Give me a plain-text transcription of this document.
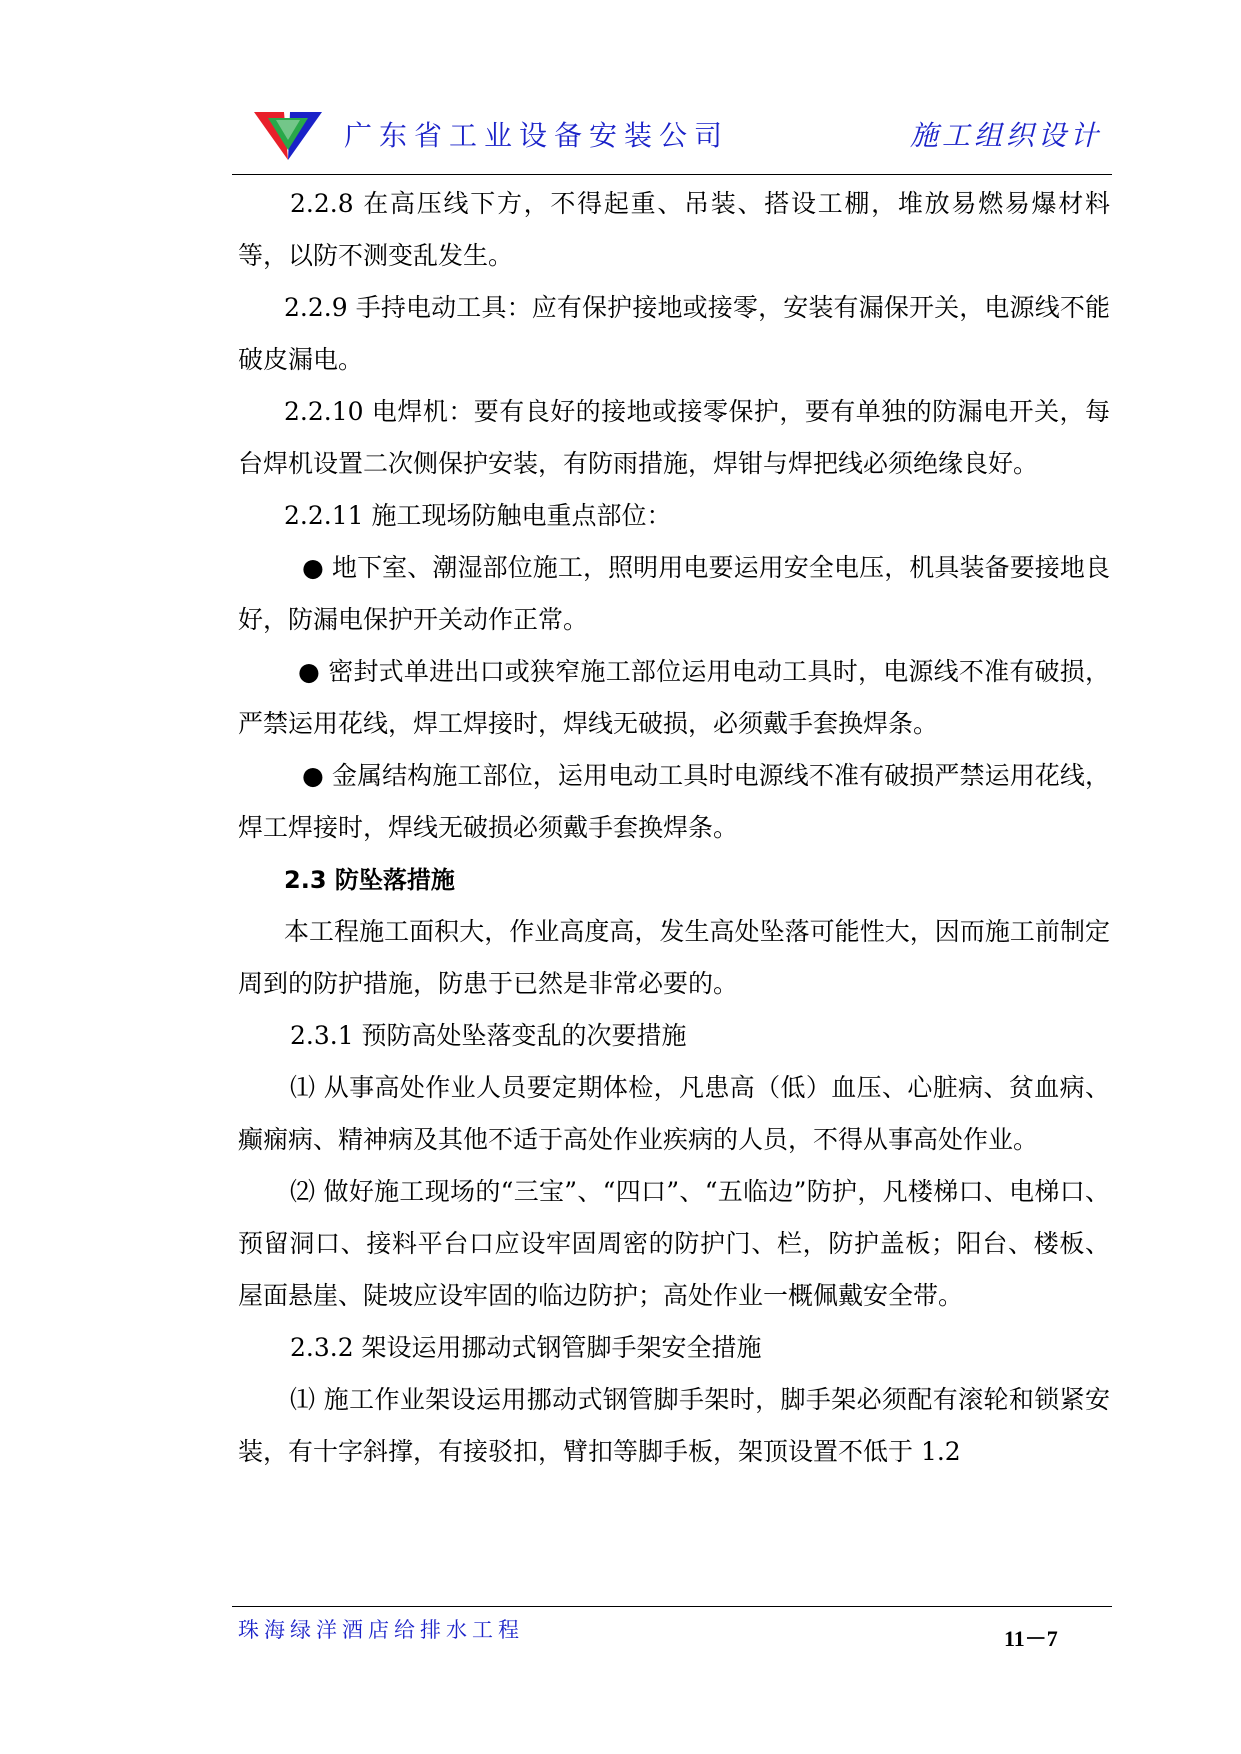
广东省工业设备安装公司	施工组织设计

2.2.8 在高压线下方，不得起重、吊装、搭设工棚，堆放易燃易爆材料等，以防不测变乱发生。

2.2.9 手持电动工具：应有保护接地或接零，安装有漏保开关，电源线不能破皮漏电。

2.2.10 电焊机：要有良好的接地或接零保护，要有单独的防漏电开关，每台焊机设置二次侧保护安装，有防雨措施，焊钳与焊把线必须绝缘良好。

2.2.11 施工现场防触电重点部位：

● 地下室、潮湿部位施工，照明用电要运用安全电压，机具装备要接地良好，防漏电保护开关动作正常。

● 密封式单进出口或狭窄施工部位运用电动工具时，电源线不准有破损，严禁运用花线，焊工焊接时，焊线无破损，必须戴手套换焊条。

● 金属结构施工部位，运用电动工具时电源线不准有破损严禁运用花线，焊工焊接时，焊线无破损必须戴手套换焊条。

2.3 防坠落措施

本工程施工面积大，作业高度高，发生高处坠落可能性大，因而施工前制定周到的防护措施，防患于已然是非常必要的。

2.3.1 预防高处坠落变乱的次要措施

⑴ 从事高处作业人员要定期体检，凡患高（低）血压、心脏病、贫血病、癫痫病、精神病及其他不适于高处作业疾病的人员，不得从事高处作业。

⑵ 做好施工现场的“三宝”、“四口”、“五临边”防护，凡楼梯口、电梯口、预留洞口、接料平台口应设牢固周密的防护门、栏，防护盖板；阳台、楼板、屋面悬崖、陡坡应设牢固的临边防护；高处作业一概佩戴安全带。

2.3.2 架设运用挪动式钢管脚手架安全措施

⑴ 施工作业架设运用挪动式钢管脚手架时，脚手架必须配有滚轮和锁紧安装，有十字斜撑，有接驳扣，臂扣等脚手板，架顶设置不低于 1.2

珠海绿洋酒店给排水工程	11－7
